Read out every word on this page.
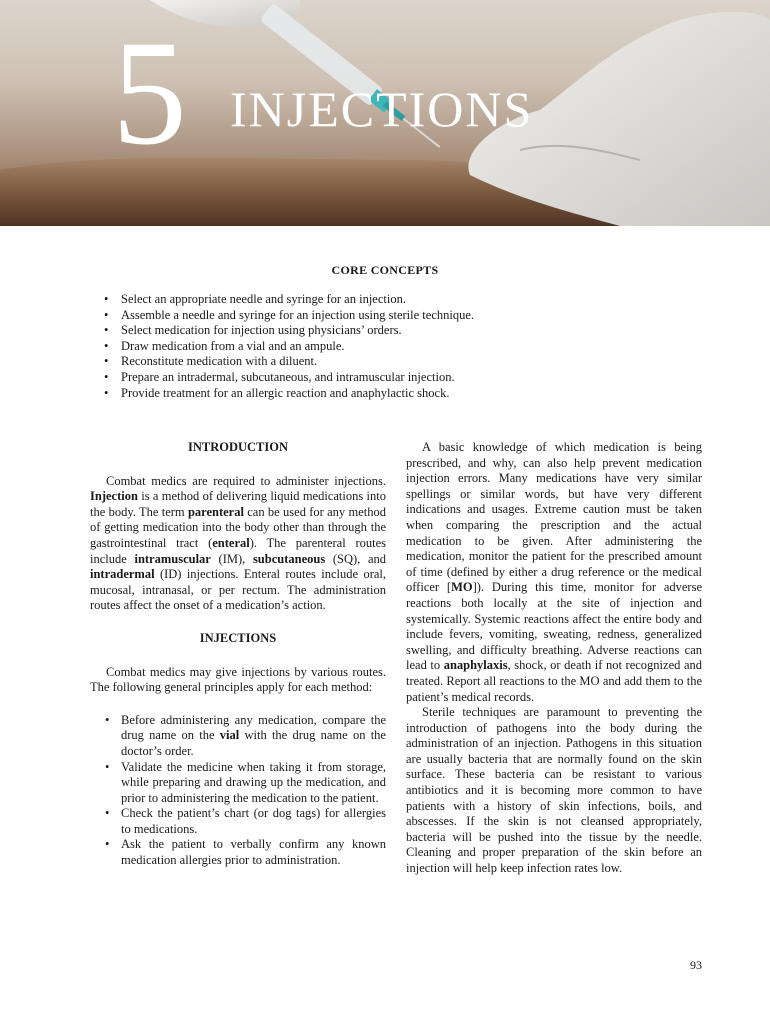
5 INJECTIONS
CORE CONCEPTS
• Select an appropriate needle and syringe for an injection.
• Assemble a needle and syringe for an injection using sterile technique.
• Select medication for injection using physicians’ orders.
• Draw medication from a vial and an ampule.
• Reconstitute medication with a diluent.
• Prepare an intradermal, subcutaneous, and intramuscular injection.
• Provide treatment for an allergic reaction and anaphylactic shock.
INTRODUCTION

Combat medics are required to administer injections. Injection is a method of delivering liquid medications into the body. The term parenteral can be used for any method of getting medication into the body other than through the gastrointestinal tract (enteral). The parenteral routes include intramuscular (IM), subcutaneous (SQ), and intradermal (ID) injections. Enteral routes include oral, mucosal, intranasal, or per rectum. The administration routes affect the onset of a medication’s action.

INJECTIONS

Combat medics may give injections by various routes. The following general principles apply for each method:

• Before administering any medication, compare the drug name on the vial with the drug name on the doctor’s order.
• Validate the medicine when taking it from storage, while preparing and drawing up the medication, and prior to administering the medication to the patient.
• Check the patient’s chart (or dog tags) for allergies to medications.
• Ask the patient to verbally confirm any known medication allergies prior to administration.

A basic knowledge of which medication is being prescribed, and why, can also help prevent medication injection errors. Many medications have very similar spellings or similar words, but have very different indications and usages. Extreme caution must be taken when comparing the prescription and the actual medication to be given. After administering the medication, monitor the patient for the prescribed amount of time (defined by either a drug reference or the medical officer [MO]). During this time, monitor for adverse reactions both locally at the site of injection and systemically. Systemic reactions affect the entire body and include fevers, vomiting, sweating, redness, generalized swelling, and difficulty breathing. Adverse reactions can lead to anaphylaxis, shock, or death if not recognized and treated. Report all reactions to the MO and add them to the patient’s medical records.

Sterile techniques are paramount to preventing the introduction of pathogens into the body during the administration of an injection. Pathogens in this situation are usually bacteria that are normally found on the skin surface. These bacteria can be resistant to various antibiotics and it is becoming more common to have patients with a history of skin infections, boils, and abscesses. If the skin is not cleansed appropriately, bacteria will be pushed into the tissue by the needle. Cleaning and proper preparation of the skin before an injection will help keep infection rates low.

93
